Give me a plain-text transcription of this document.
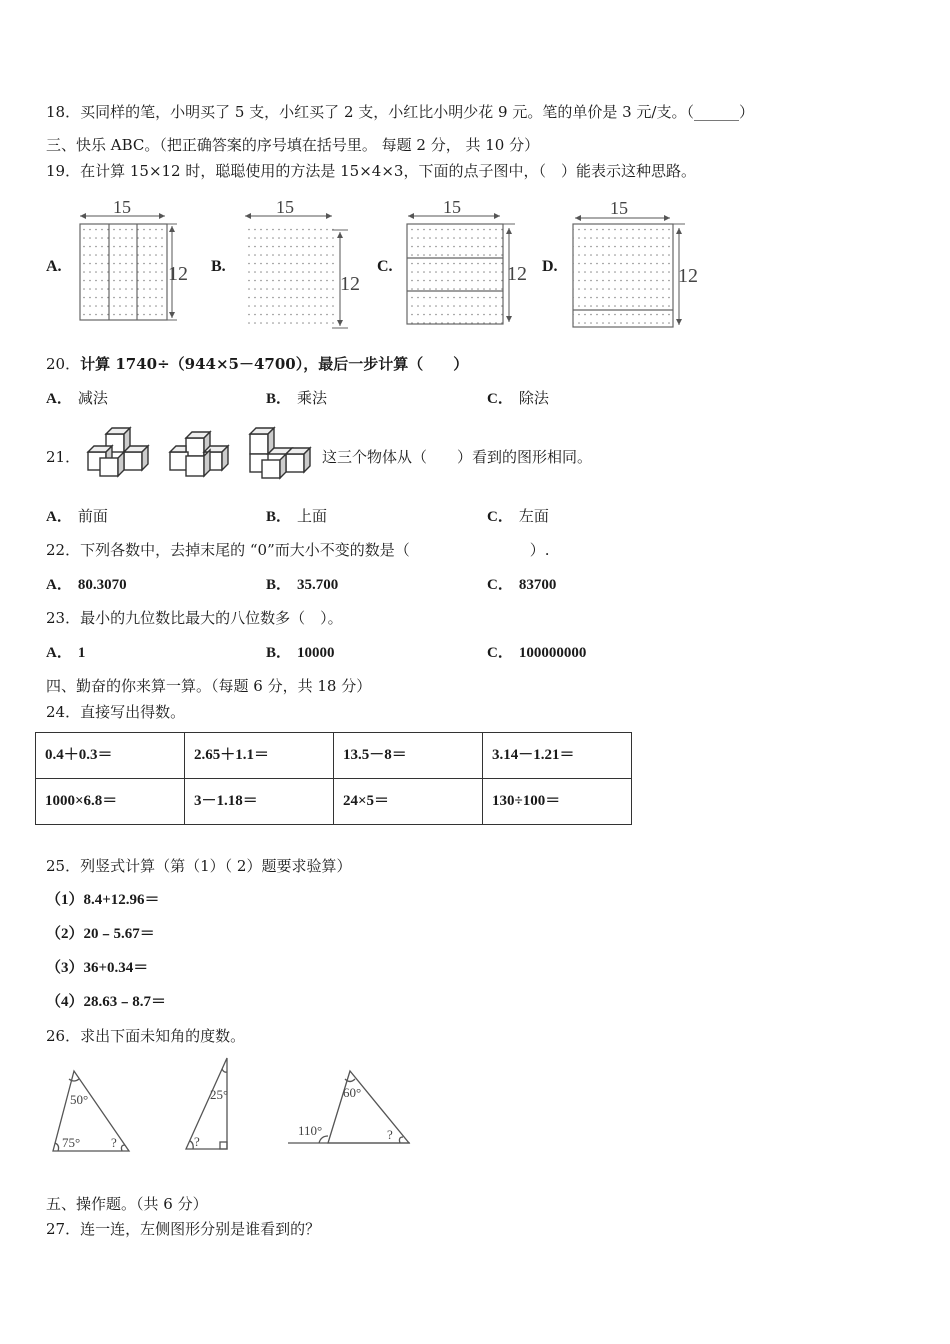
18．买同样的笔，小明买了 5 支，小红买了 2 支，小红比小明少花 9 元。笔的单价是 3 元/支。（______）
三、快乐 ABC。（把正确答案的序号填在括号里。 每题 2 分， 共 10 分）
19．在计算 15×12 时，聪聪使用的方法是 15×4×3，下面的点子图中，（　）能表示这种思路。
A.	B.	C.	D.
15
12
15
12
15
12
15
12
20．计算 1740÷（944×5－4700），最后一步计算（　　）
A． 减法	B． 乘法	C． 除法
21．	这三个物体从（　　）看到的图形相同。
A． 前面	B． 上面	C． 左面
22．下列各数中，去掉末尾的 “0”而大小不变的数是（　　　　　　　　）.
A． 80.3070	B． 35.700	C． 83700
23．最小的九位数比最大的八位数多（　）。
A． 1	B． 10000	C． 100000000
四、勤奋的你来算一算。（每题 6 分，共 18 分）
24．直接写出得数。
0.4＋0.3＝	2.65＋1.1＝	13.5－8＝	3.14－1.21＝
1000×6.8＝	3－1.18＝	24×5＝	130÷100＝
25．列竖式计算（第（1）（ 2）题要求验算）
（1）8.4+12.96＝
（2）20﹣5.67＝
（3）36+0.34＝
（4）28.63﹣8.7＝
26．求出下面未知角的度数。
50°
75° ?
25°
?
60°
110°	?
五、操作题。（共 6 分）
27．连一连，左侧图形分别是谁看到的？
